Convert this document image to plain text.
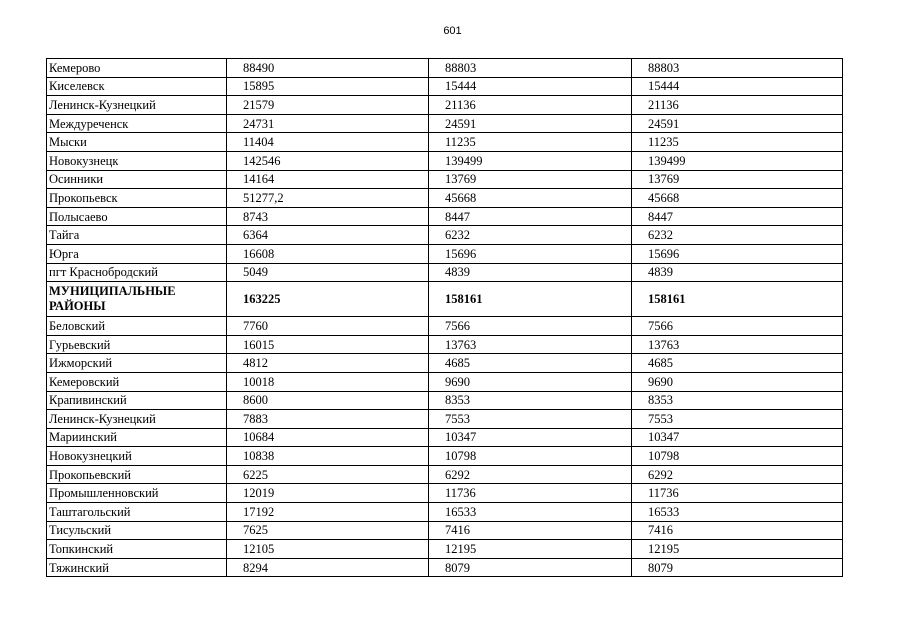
601
Кемерово	88490	88803	88803
Киселевск	15895	15444	15444
Ленинск-Кузнецкий	21579	21136	21136
Междуреченск	24731	24591	24591
Мыски	11404	11235	11235
Новокузнецк	142546	139499	139499
Осинники	14164	13769	13769
Прокопьевск	51277,2	45668	45668
Полысаево	8743	8447	8447
Тайга	6364	6232	6232
Юрга	16608	15696	15696
пгт Краснобродский	5049	4839	4839
МУНИЦИПАЛЬНЫЕ РАЙОНЫ	163225	158161	158161
Беловский	7760	7566	7566
Гурьевский	16015	13763	13763
Ижморский	4812	4685	4685
Кемеровский	10018	9690	9690
Крапивинский	8600	8353	8353
Ленинск-Кузнецкий	7883	7553	7553
Мариинский	10684	10347	10347
Новокузнецкий	10838	10798	10798
Прокопьевский	6225	6292	6292
Промышленновский	12019	11736	11736
Таштагольский	17192	16533	16533
Тисульский	7625	7416	7416
Топкинский	12105	12195	12195
Тяжинский	8294	8079	8079
